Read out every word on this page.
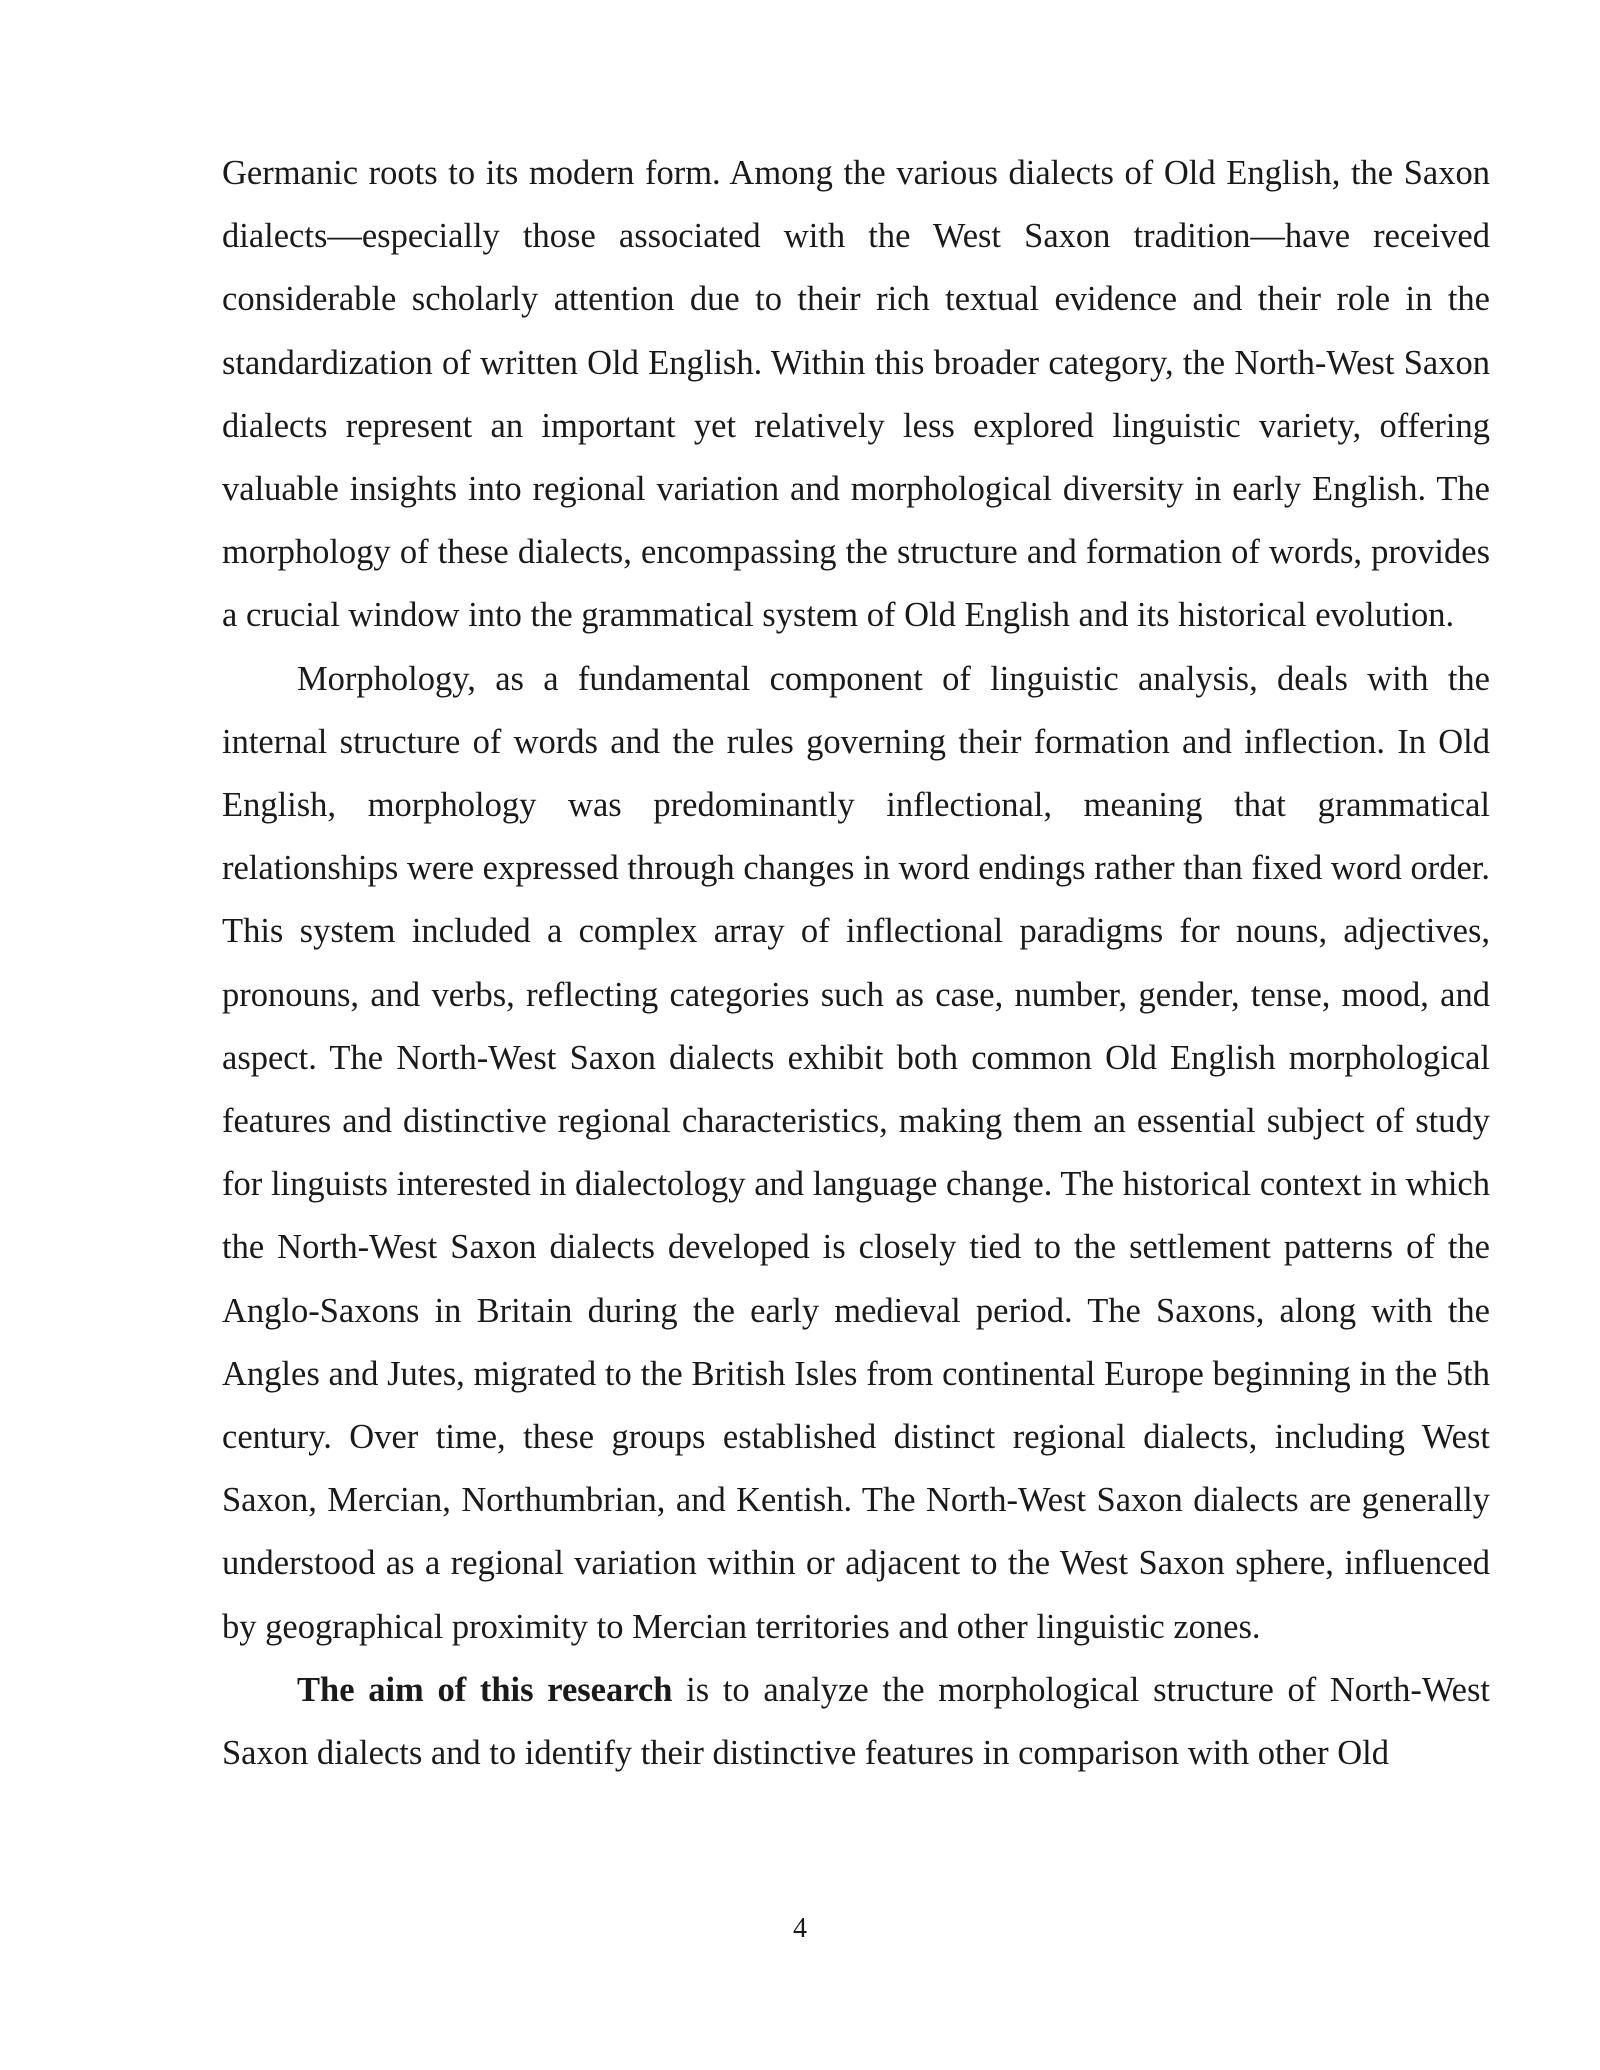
Germanic roots to its modern form. Among the various dialects of Old English, the Saxon dialects—especially those associated with the West Saxon tradition—have received considerable scholarly attention due to their rich textual evidence and their role in the standardization of written Old English. Within this broader category, the North-West Saxon dialects represent an important yet relatively less explored linguistic variety, offering valuable insights into regional variation and morphological diversity in early English. The morphology of these dialects, encompassing the structure and formation of words, provides a crucial window into the grammatical system of Old English and its historical evolution.

Morphology, as a fundamental component of linguistic analysis, deals with the internal structure of words and the rules governing their formation and inflection. In Old English, morphology was predominantly inflectional, meaning that grammatical relationships were expressed through changes in word endings rather than fixed word order. This system included a complex array of inflectional paradigms for nouns, adjectives, pronouns, and verbs, reflecting categories such as case, number, gender, tense, mood, and aspect. The North-West Saxon dialects exhibit both common Old English morphological features and distinctive regional characteristics, making them an essential subject of study for linguists interested in dialectology and language change. The historical context in which the North-West Saxon dialects developed is closely tied to the settlement patterns of the Anglo-Saxons in Britain during the early medieval period. The Saxons, along with the Angles and Jutes, migrated to the British Isles from continental Europe beginning in the 5th century. Over time, these groups established distinct regional dialects, including West Saxon, Mercian, Northumbrian, and Kentish. The North-West Saxon dialects are generally understood as a regional variation within or adjacent to the West Saxon sphere, influenced by geographical proximity to Mercian territories and other linguistic zones.

The aim of this research is to analyze the morphological structure of North-West Saxon dialects and to identify their distinctive features in comparison with other Old

4
